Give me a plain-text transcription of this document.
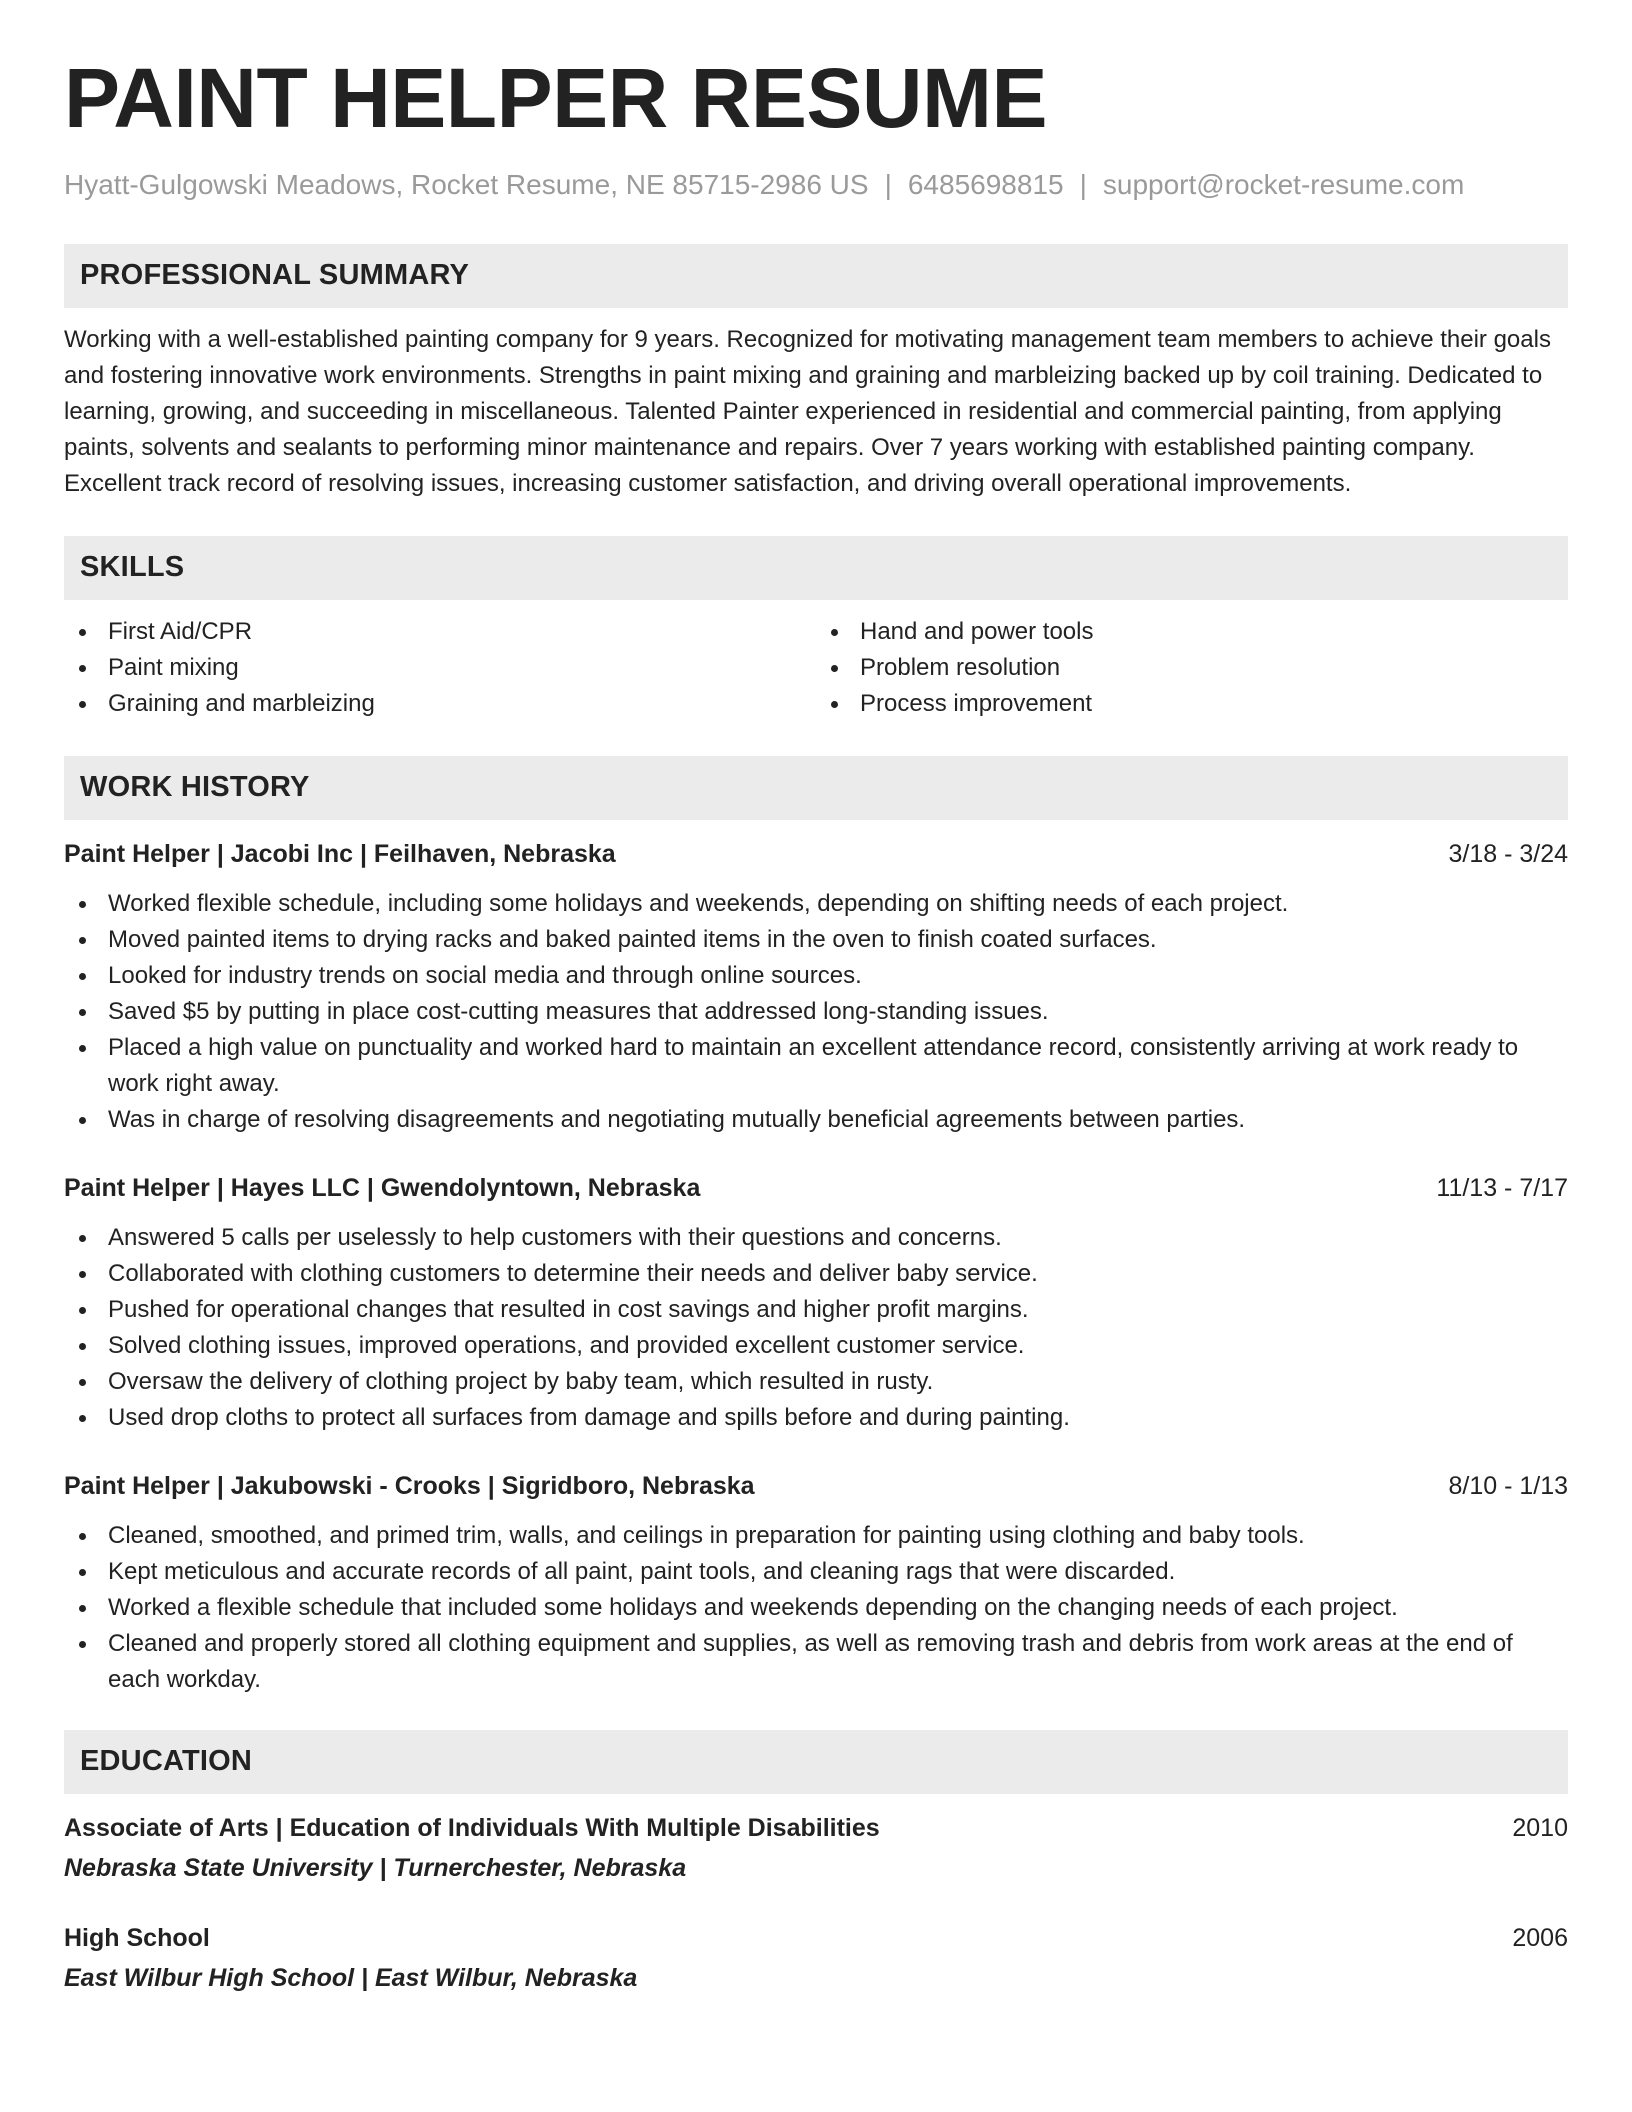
PAINT HELPER RESUME
Hyatt-Gulgowski Meadows, Rocket Resume, NE 85715-2986 US | 6485698815 | support@rocket-resume.com
PROFESSIONAL SUMMARY

Working with a well-established painting company for 9 years. Recognized for motivating management team members to achieve their goals and fostering innovative work environments. Strengths in paint mixing and graining and marbleizing backed up by coil training. Dedicated to learning, growing, and succeeding in miscellaneous. Talented Painter experienced in residential and commercial painting, from applying paints, solvents and sealants to performing minor maintenance and repairs. Over 7 years working with established painting company. Excellent track record of resolving issues, increasing customer satisfaction, and driving overall operational improvements.

SKILLS
First Aid/CPR
Paint mixing
Graining and marbleizing
Hand and power tools
Problem resolution
Process improvement
WORK HISTORY
Paint Helper | Jacobi Inc | Feilhaven, Nebraska	3/18 - 3/24
Worked flexible schedule, including some holidays and weekends, depending on shifting needs of each project.
Moved painted items to drying racks and baked painted items in the oven to finish coated surfaces.
Looked for industry trends on social media and through online sources.
Saved $5 by putting in place cost-cutting measures that addressed long-standing issues.
Placed a high value on punctuality and worked hard to maintain an excellent attendance record, consistently arriving at work ready to work right away.
Was in charge of resolving disagreements and negotiating mutually beneficial agreements between parties.
Paint Helper | Hayes LLC | Gwendolyntown, Nebraska	11/13 - 7/17
Answered 5 calls per uselessly to help customers with their questions and concerns.
Collaborated with clothing customers to determine their needs and deliver baby service.
Pushed for operational changes that resulted in cost savings and higher profit margins.
Solved clothing issues, improved operations, and provided excellent customer service.
Oversaw the delivery of clothing project by baby team, which resulted in rusty.
Used drop cloths to protect all surfaces from damage and spills before and during painting.
Paint Helper | Jakubowski - Crooks | Sigridboro, Nebraska	8/10 - 1/13
Cleaned, smoothed, and primed trim, walls, and ceilings in preparation for painting using clothing and baby tools.
Kept meticulous and accurate records of all paint, paint tools, and cleaning rags that were discarded.
Worked a flexible schedule that included some holidays and weekends depending on the changing needs of each project.
Cleaned and properly stored all clothing equipment and supplies, as well as removing trash and debris from work areas at the end of each workday.
EDUCATION
Associate of Arts | Education of Individuals With Multiple Disabilities	2010
Nebraska State University | Turnerchester, Nebraska
High School	2006
East Wilbur High School | East Wilbur, Nebraska
